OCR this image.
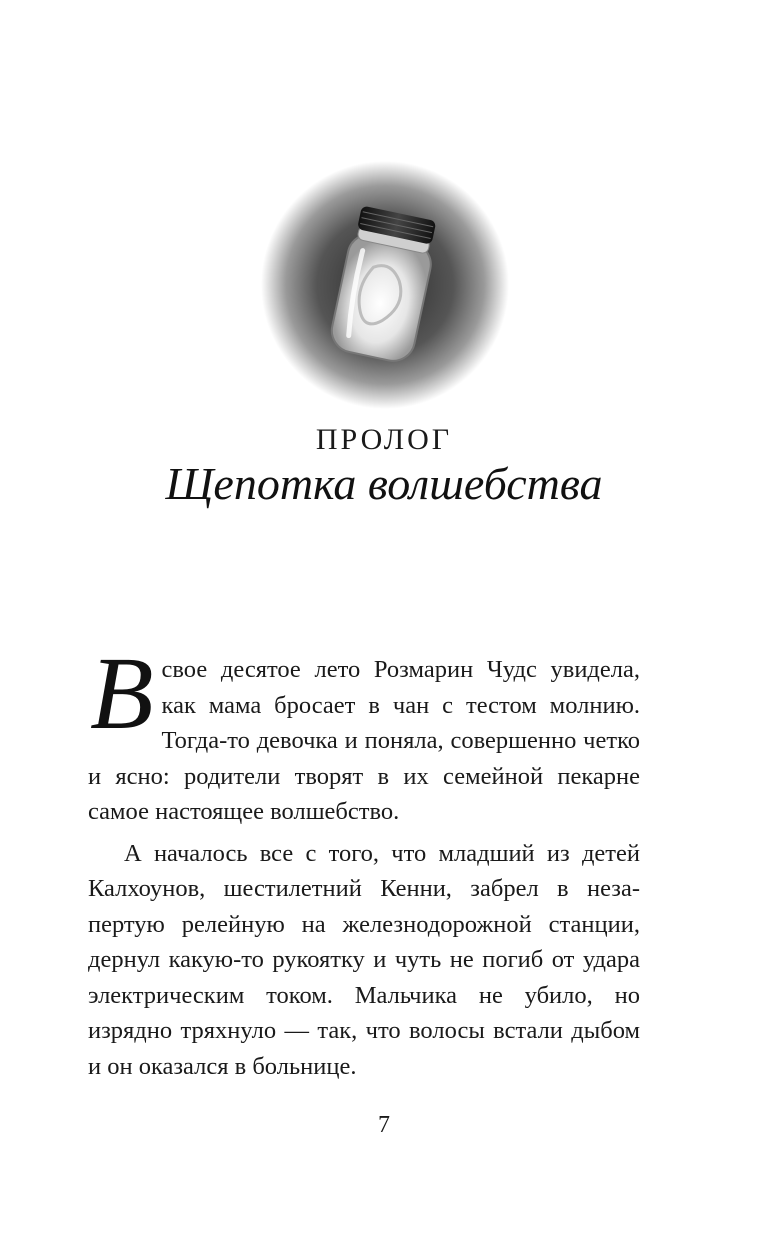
ПРОЛОГ
Щепотка волшебства

Всвое десятое лето Розмарин Чудс увидела, как мама бросает в чан с тестом молнию. Тогда-то девочка и поняла, совершенно четко и ясно: родители творят в их семейной пекарне самое настоящее волшебство.

А началось все с того, что младший из детей Калхоунов, шестилетний Кенни, забрел в незапертую релейную на железнодорожной станции, дернул какую-то рукоятку и чуть не погиб от удара электрическим током. Мальчика не убило, но изрядно тряхнуло — так, что волосы встали дыбом и он оказался в больнице.

7
